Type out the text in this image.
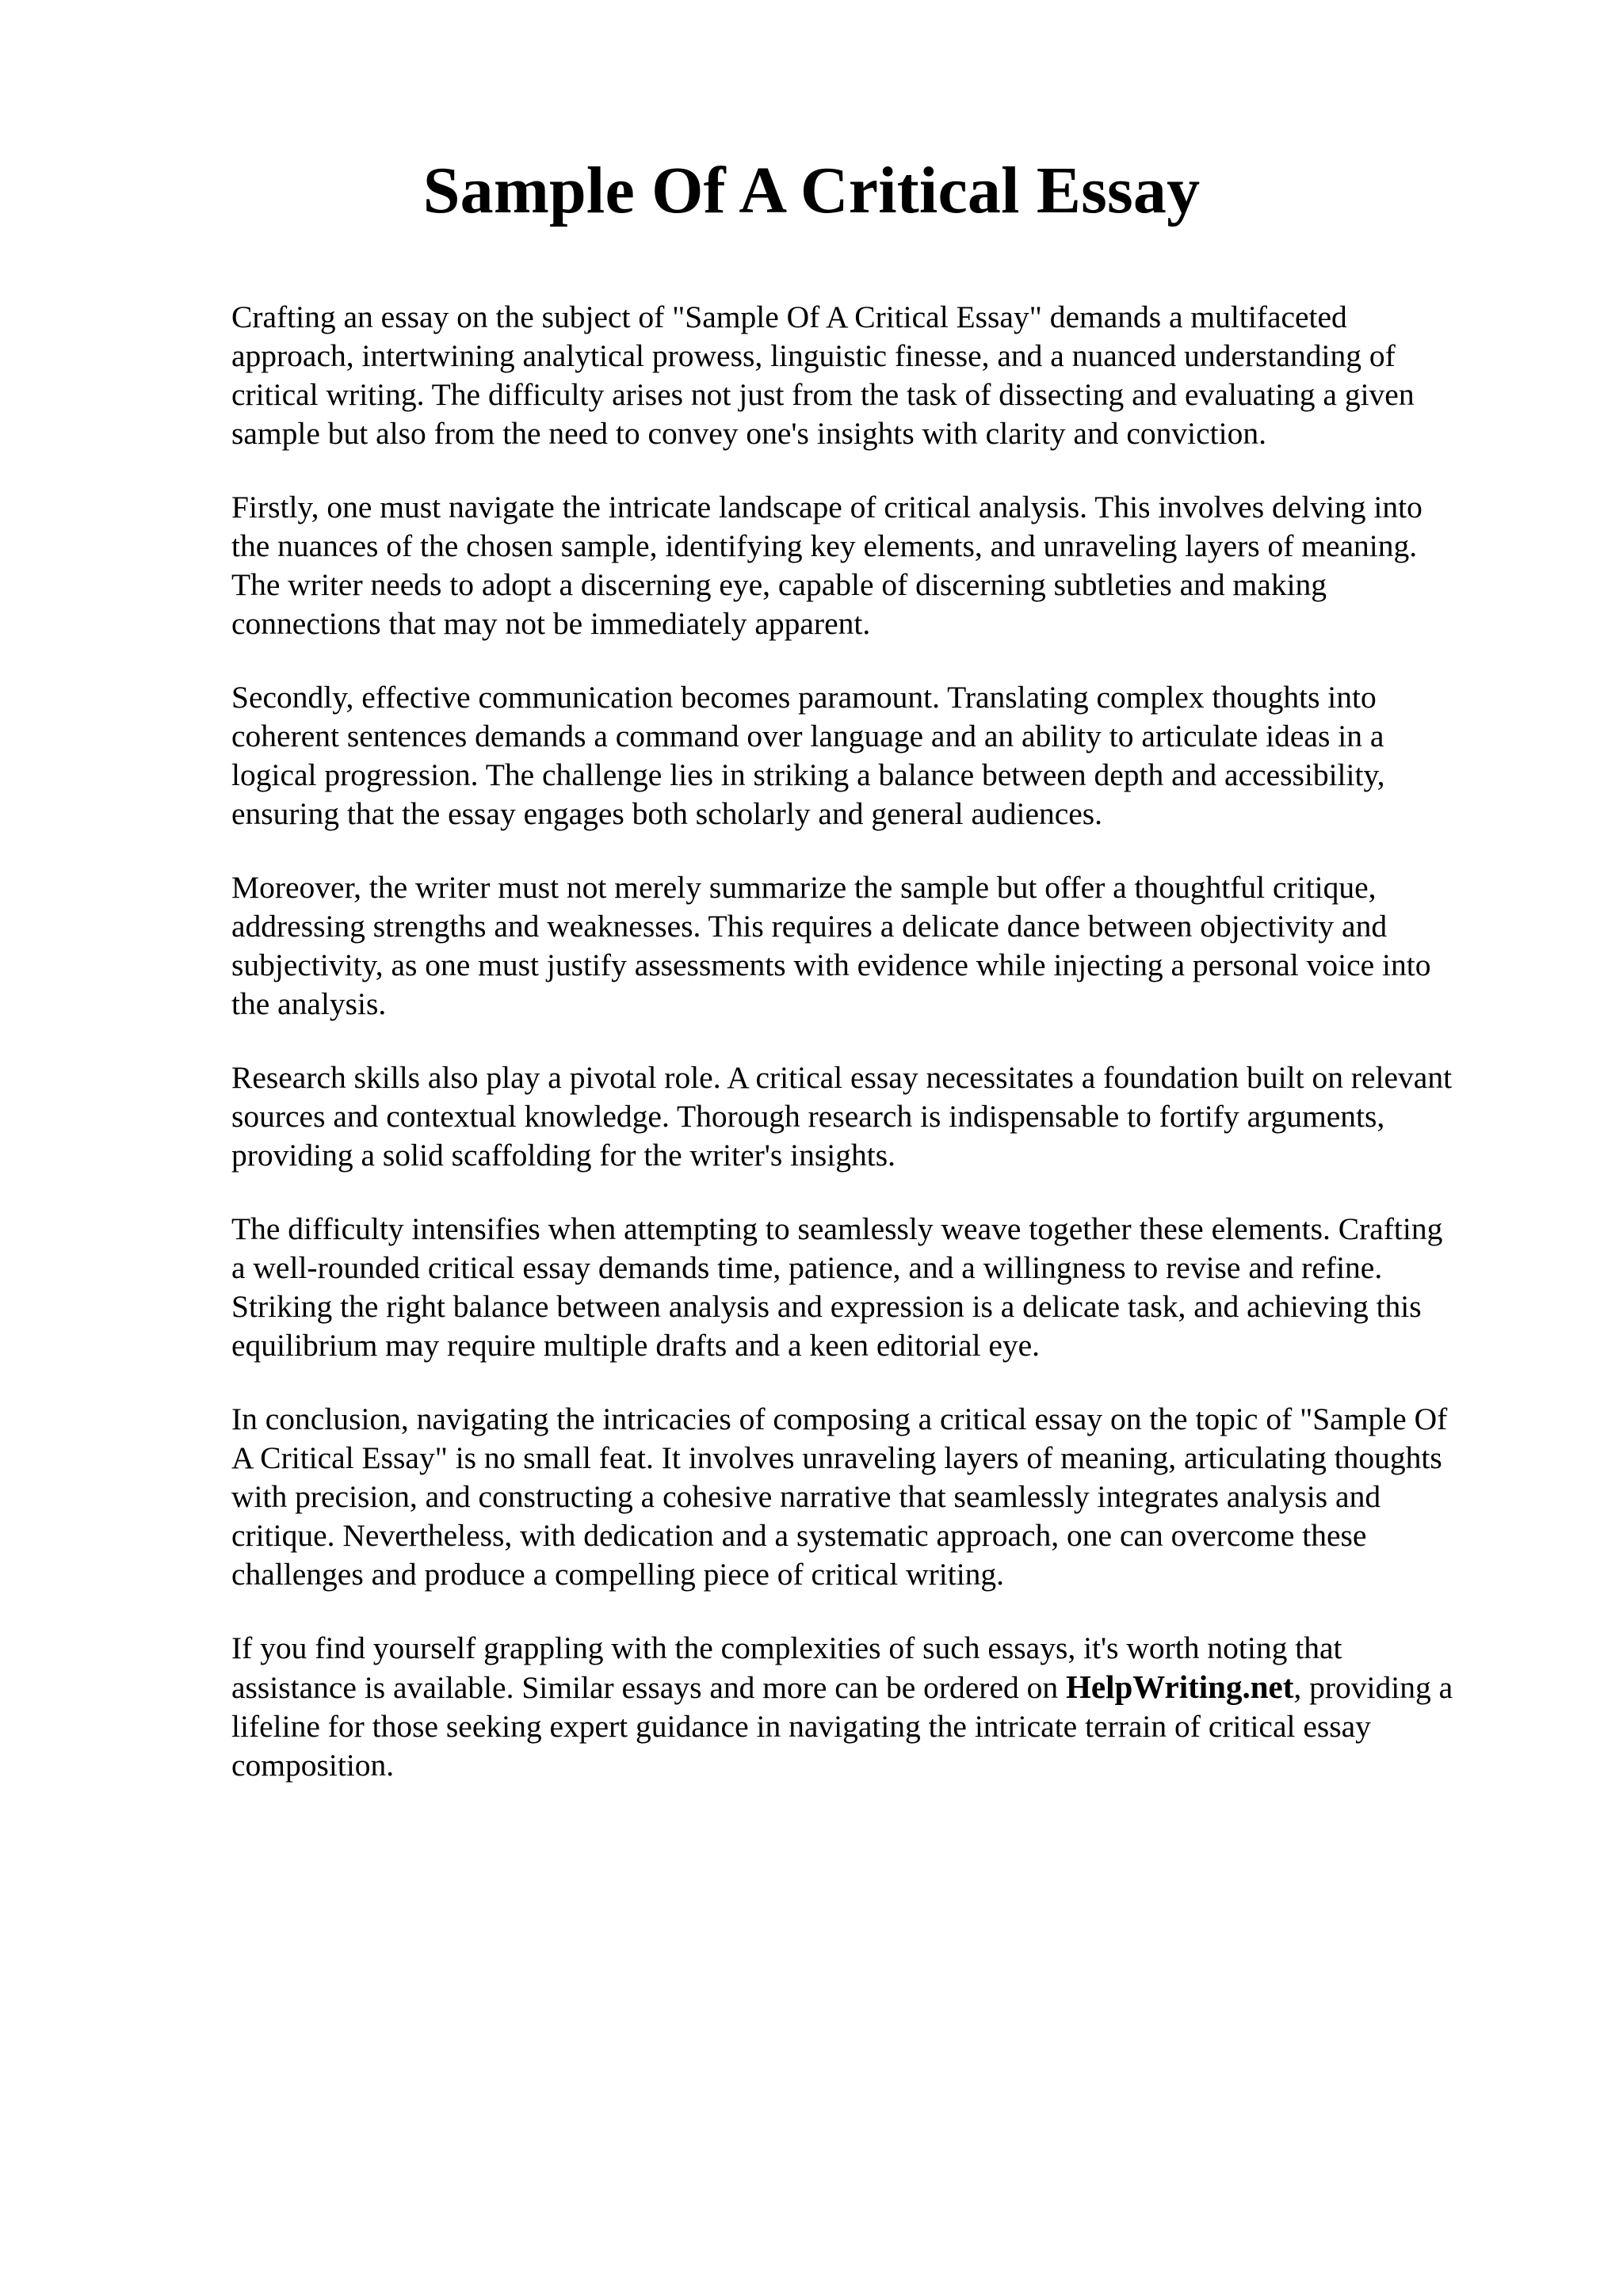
Sample Of A Critical Essay

Crafting an essay on the subject of "Sample Of A Critical Essay" demands a multifaceted
approach, intertwining analytical prowess, linguistic finesse, and a nuanced understanding of
critical writing. The difficulty arises not just from the task of dissecting and evaluating a given
sample but also from the need to convey one's insights with clarity and conviction.

Firstly, one must navigate the intricate landscape of critical analysis. This involves delving into
the nuances of the chosen sample, identifying key elements, and unraveling layers of meaning.
The writer needs to adopt a discerning eye, capable of discerning subtleties and making
connections that may not be immediately apparent.

Secondly, effective communication becomes paramount. Translating complex thoughts into
coherent sentences demands a command over language and an ability to articulate ideas in a
logical progression. The challenge lies in striking a balance between depth and accessibility,
ensuring that the essay engages both scholarly and general audiences.

Moreover, the writer must not merely summarize the sample but offer a thoughtful critique,
addressing strengths and weaknesses. This requires a delicate dance between objectivity and
subjectivity, as one must justify assessments with evidence while injecting a personal voice into
the analysis.

Research skills also play a pivotal role. A critical essay necessitates a foundation built on relevant
sources and contextual knowledge. Thorough research is indispensable to fortify arguments,
providing a solid scaffolding for the writer's insights.

The difficulty intensifies when attempting to seamlessly weave together these elements. Crafting
a well-rounded critical essay demands time, patience, and a willingness to revise and refine.
Striking the right balance between analysis and expression is a delicate task, and achieving this
equilibrium may require multiple drafts and a keen editorial eye.

In conclusion, navigating the intricacies of composing a critical essay on the topic of "Sample Of
A Critical Essay" is no small feat. It involves unraveling layers of meaning, articulating thoughts
with precision, and constructing a cohesive narrative that seamlessly integrates analysis and
critique. Nevertheless, with dedication and a systematic approach, one can overcome these
challenges and produce a compelling piece of critical writing.

If you find yourself grappling with the complexities of such essays, it's worth noting that
assistance is available. Similar essays and more can be ordered on HelpWriting.net, providing a
lifeline for those seeking expert guidance in navigating the intricate terrain of critical essay
composition.
